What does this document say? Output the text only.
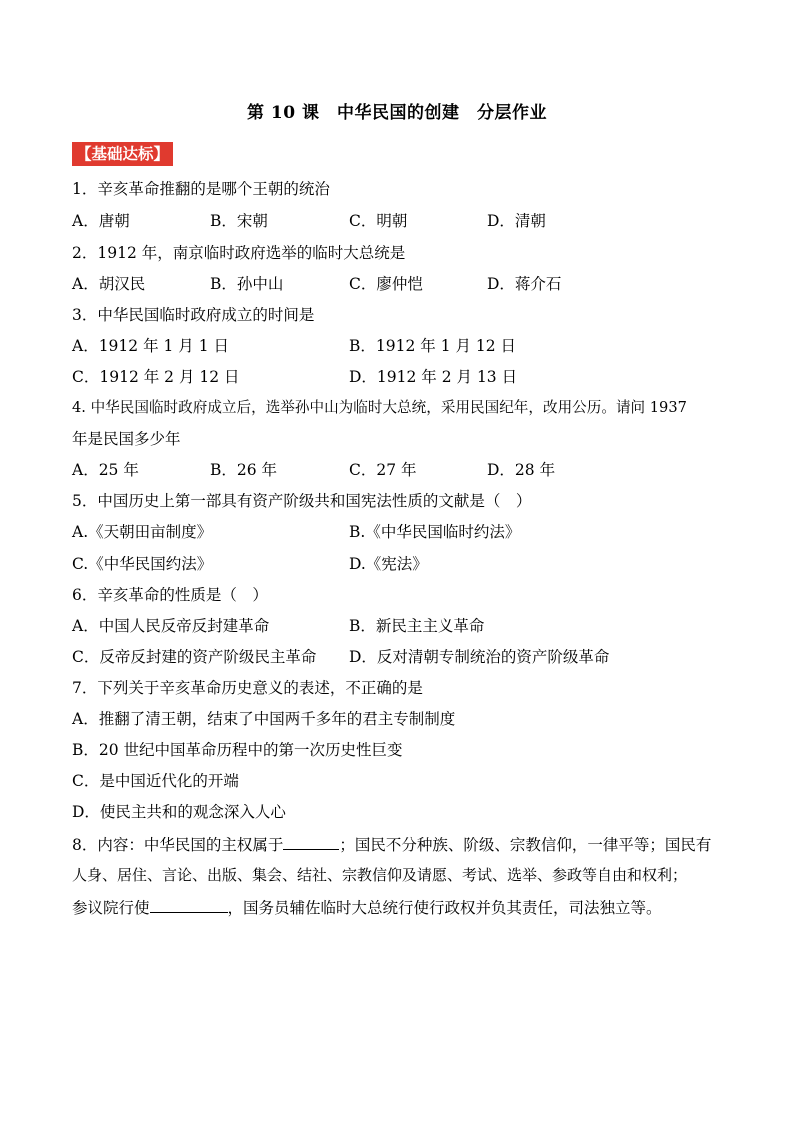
第 10 课　中华民国的创建　分层作业
【基础达标】
1．辛亥革命推翻的是哪个王朝的统治
A．唐朝	B．宋朝	C．明朝	D．清朝
2．1912 年，南京临时政府选举的临时大总统是
A．胡汉民	B．孙中山	C．廖仲恺	D．蒋介石
3．中华民国临时政府成立的时间是
A．1912 年 1 月 1 日	B．1912 年 1 月 12 日
C．1912 年 2 月 12 日	D．1912 年 2 月 13 日
4. 中华民国临时政府成立后，选举孙中山为临时大总统，采用民国纪年，改用公历。请问 1937
年是民国多少年
A．25 年	B．26 年	C．27 年	D．28 年
5．中国历史上第一部具有资产阶级共和国宪法性质的文献是（　）
A.《天朝田亩制度》	B.《中华民国临时约法》
C.《中华民国约法》	D.《宪法》
6．辛亥革命的性质是（　）
A．中国人民反帝反封建革命	B．新民主主义革命
C．反帝反封建的资产阶级民主革命 D．反对清朝专制统治的资产阶级革命
7．下列关于辛亥革命历史意义的表述，不正确的是
A．推翻了清王朝，结束了中国两千多年的君主专制制度
B．20 世纪中国革命历程中的第一次历史性巨变
C．是中国近代化的开端
D．使民主共和的观念深入人心
8．内容：中华民国的主权属于	；国民不分种族、阶级、宗教信仰，一律平等；国民有
人身、居住、言论、出版、集会、结社、宗教信仰及请愿、考试、选举、参政等自由和权利；
参议院行使	，国务员辅佐临时大总统行使行政权并负其责任，司法独立等。
